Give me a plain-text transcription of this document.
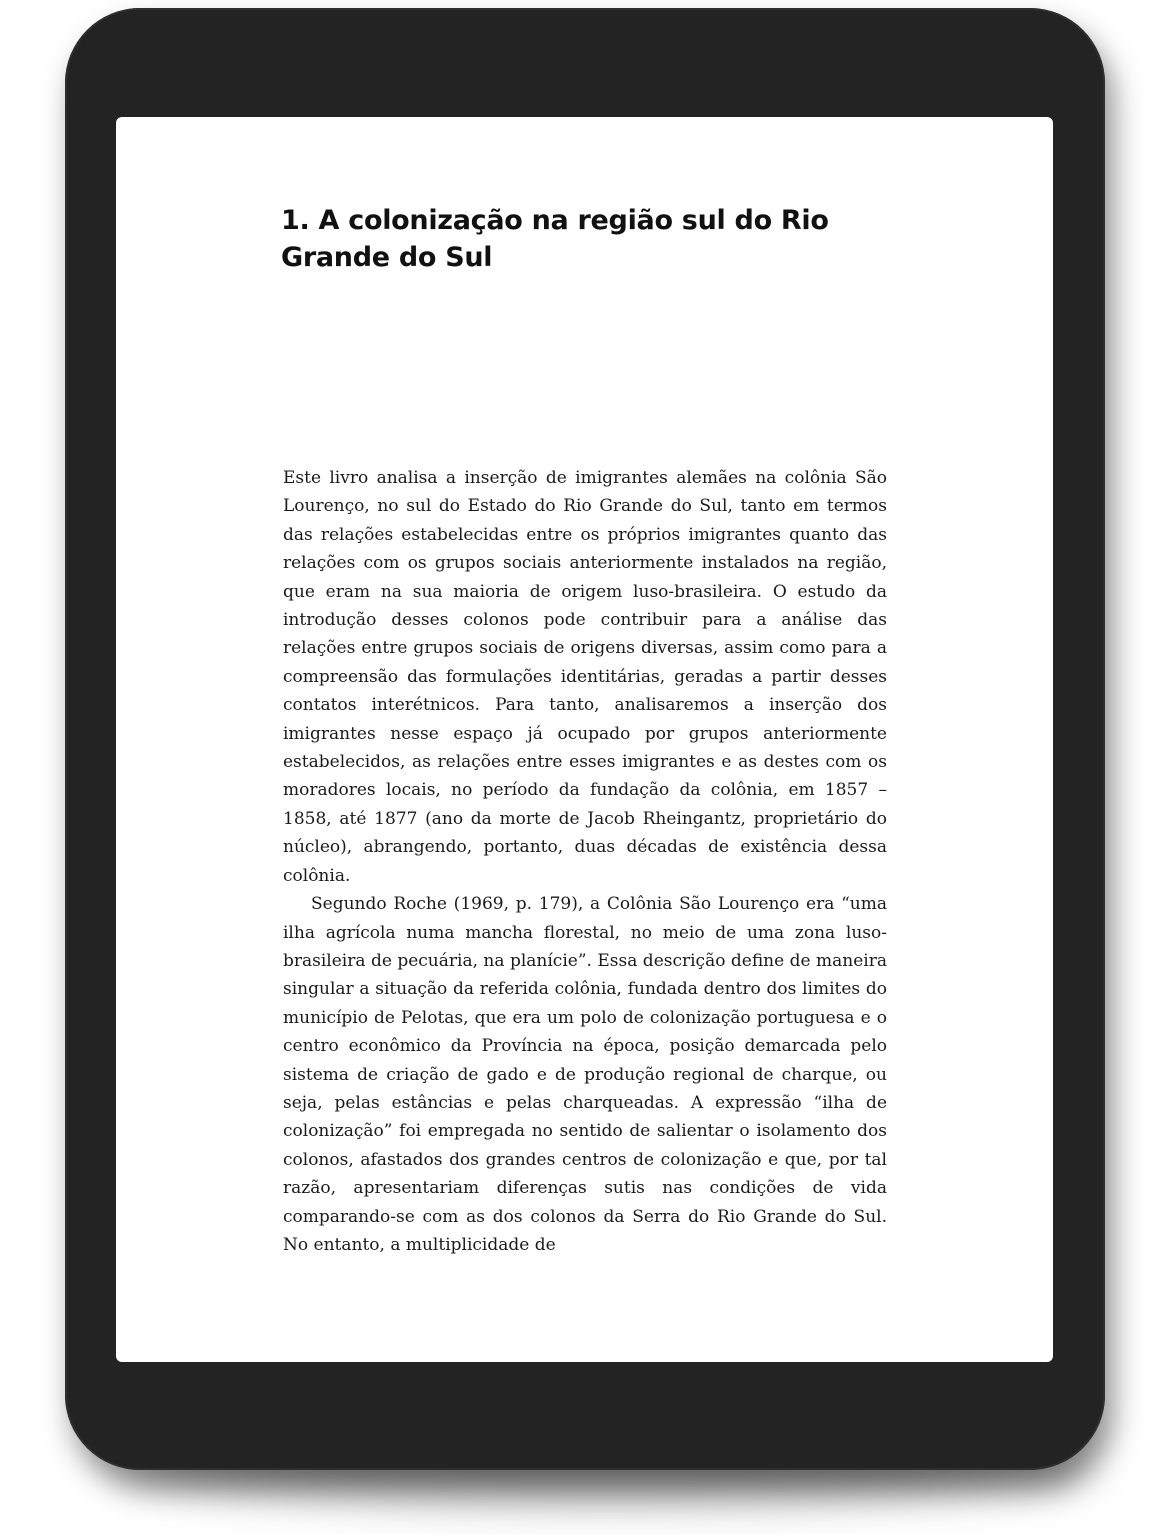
1. A colonização na região sul do Rio Grande do Sul

Este livro analisa a inserção de imigrantes alemães na colônia São Lourenço, no sul do Estado do Rio Grande do Sul, tanto em termos das relações estabelecidas entre os próprios imigrantes quanto das relações com os grupos sociais anteriormente instalados na região, que eram na sua maioria de origem luso-brasileira. O estudo da introdução desses colonos pode contribuir para a análise das relações entre grupos sociais de origens diversas, assim como para a compreensão das formulações identitárias, geradas a partir desses contatos interétnicos. Para tanto, analisaremos a inserção dos imigrantes nesse espaço já ocupado por grupos anteriormente estabelecidos, as relações entre esses imigrantes e as destes com os moradores locais, no período da fundação da colônia, em 1857 – 1858, até 1877 (ano da morte de Jacob Rheingantz, proprietário do núcleo), abrangendo, portanto, duas décadas de existência dessa colônia.

Segundo Roche (1969, p. 179), a Colônia São Lourenço era “uma ilha agrícola numa mancha florestal, no meio de uma zona luso-brasileira de pecuária, na planície”. Essa descrição define de maneira singular a situação da referida colônia, fundada dentro dos limites do município de Pelotas, que era um polo de colonização portuguesa e o centro econômico da Província na época, posição demarcada pelo sistema de criação de gado e de produção regional de charque, ou seja, pelas estâncias e pelas charqueadas. A expressão “ilha de colonização” foi empregada no sentido de salientar o isolamento dos colonos, afastados dos grandes centros de colonização e que, por tal razão, apresentariam diferenças sutis nas condições de vida comparando-se com as dos colonos da Serra do Rio Grande do Sul. No entanto, a multiplicidade de
